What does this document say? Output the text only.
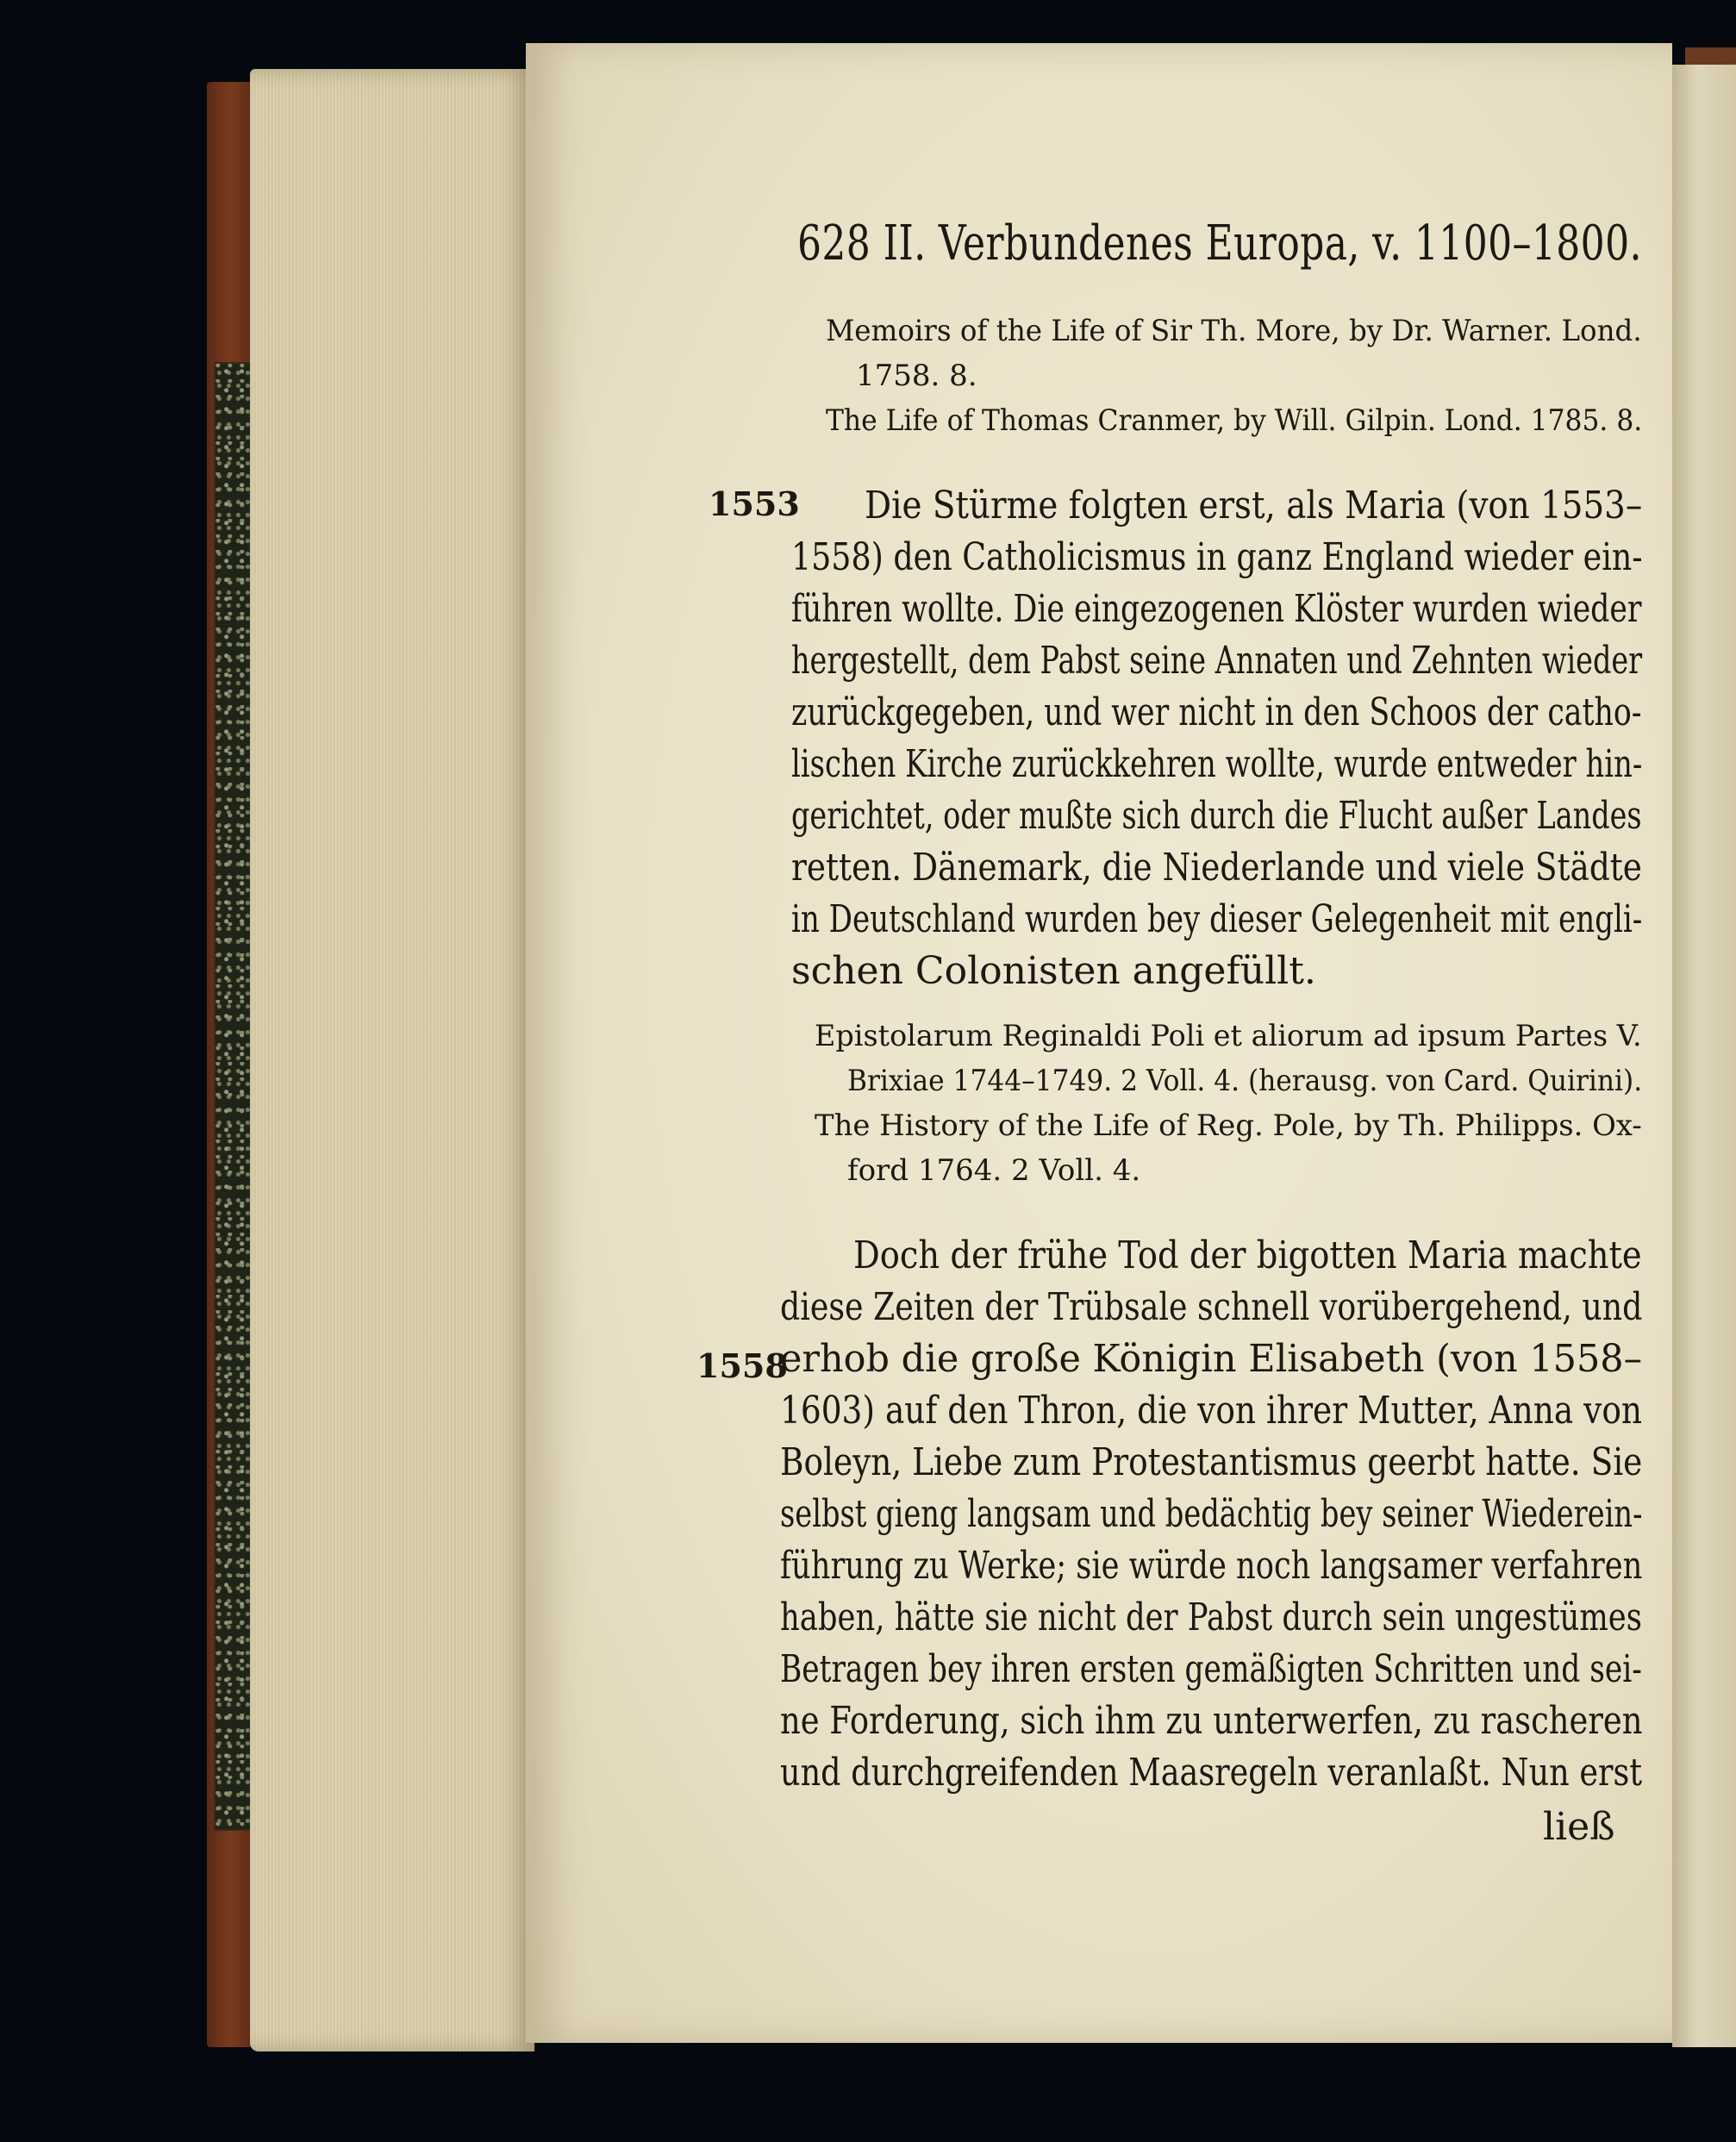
628 II. Verbundenes Europa, v. 1100–1800.
Memoirs of the Life of Sir Th. More, by Dr. Warner. Lond.
1758. 8.
The Life of Thomas Cranmer, by Will. Gilpin. Lond. 1785. 8.
1553 Die Stürme folgten erst, als Maria (von 1553–
1558) den Catholicismus in ganz England wieder ein-
führen wollte. Die eingezogenen Klöster wurden wieder
hergestellt, dem Pabst seine Annaten und Zehnten wieder
zurückgegeben, und wer nicht in den Schoos der catho-
lischen Kirche zurückkehren wollte, wurde entweder hin-
gerichtet, oder mußte sich durch die Flucht außer Landes
retten. Dänemark, die Niederlande und viele Städte
in Deutschland wurden bey dieser Gelegenheit mit engli-
schen Colonisten angefüllt.
Epistolarum Reginaldi Poli et aliorum ad ipsum Partes V.
Brixiae 1744–1749. 2 Voll. 4. (herausg. von Card. Quirini).
The History of the Life of Reg. Pole, by Th. Philipps. Ox-
ford 1764. 2 Voll. 4.
1558
Doch der frühe Tod der bigotten Maria machte
diese Zeiten der Trübsale schnell vorübergehend, und
erhob die große Königin Elisabeth (von 1558–
1603) auf den Thron, die von ihrer Mutter, Anna von
Boleyn, Liebe zum Protestantismus geerbt hatte. Sie
selbst gieng langsam und bedächtig bey seiner Wiederein-
führung zu Werke; sie würde noch langsamer verfahren
haben, hätte sie nicht der Pabst durch sein ungestümes
Betragen bey ihren ersten gemäßigten Schritten und sei-
ne Forderung, sich ihm zu unterwerfen, zu rascheren
und durchgreifenden Maasregeln veranlaßt. Nun erst
ließ
